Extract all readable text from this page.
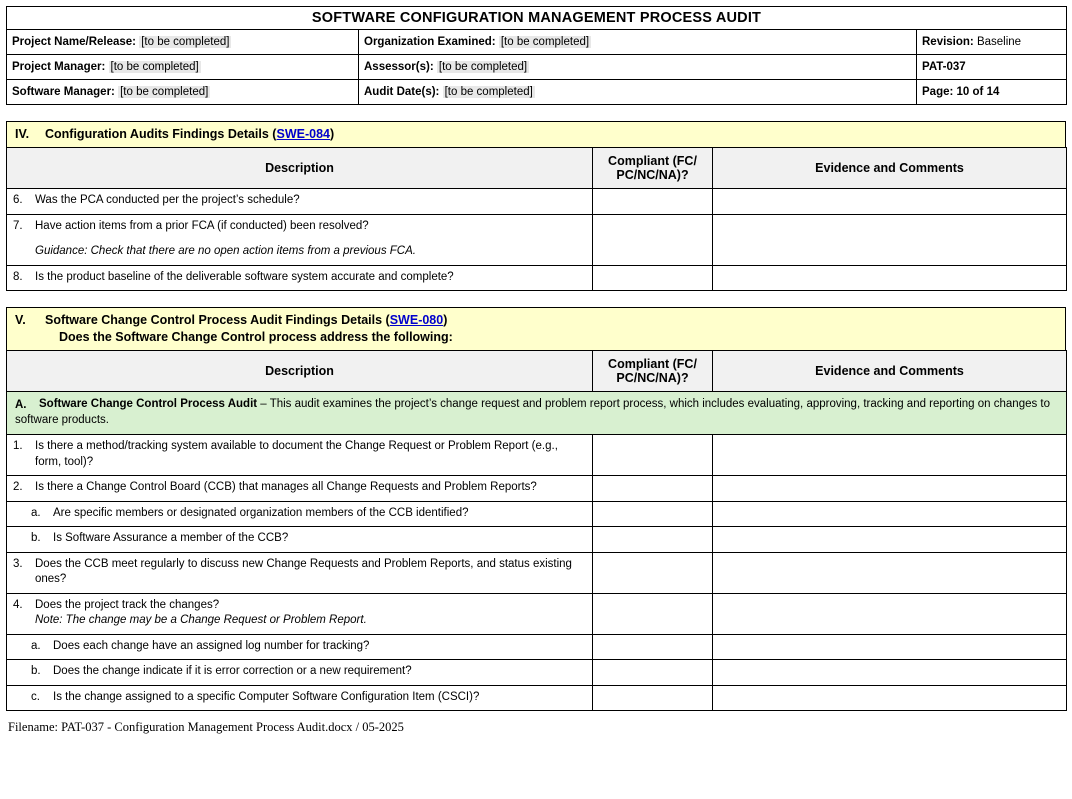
SOFTWARE CONFIGURATION MANAGEMENT PROCESS AUDIT		
Project Name/Release: [to be completed]	Organization Examined: [to be completed]	Revision: Baseline
Project Manager: [to be completed]	Assessor(s): [to be completed]	PAT-037
Software Manager: [to be completed]	Audit Date(s): [to be completed]	Page: 10 of 14
IV. Configuration Audits Findings Details (SWE-084)
Description	Compliant (FC/ PC/NC/NA)?	Evidence and Comments

6. Was the PCA conducted per the project’s schedule?		

7. Have action items from a prior FCA (if conducted) been resolved?
Guidance: Check that there are no open action items from a previous FCA.		

8. Is the product baseline of the deliverable software system accurate and complete?		

V. Software Change Control Process Audit Findings Details (SWE-080)
Does the Software Change Control process address the following:
Description	Compliant (FC/ PC/NC/NA)?	Evidence and Comments

A. Software Change Control Process Audit – This audit examines the project’s change request and problem report process, which includes evaluating, approving, tracking and reporting on changes to software products.		

1. Is there a method/tracking system available to document the Change Request or Problem Report (e.g., form, tool)?		

2. Is there a Change Control Board (CCB) that manages all Change Requests and Problem Reports?		

a. Are specific members or designated organization members of the CCB identified?		

b. Is Software Assurance a member of the CCB?		

3. Does the CCB meet regularly to discuss new Change Requests and Problem Reports, and status existing ones?		

4. Does the project track the changes?
Note: The change may be a Change Request or Problem Report.		

a. Does each change have an assigned log number for tracking?		

b. Does the change indicate if it is error correction or a new requirement?		

c. Is the change assigned to a specific Computer Software Configuration Item (CSCI)?		

Filename: PAT-037 - Configuration Management Process Audit.docx / 05-2025
